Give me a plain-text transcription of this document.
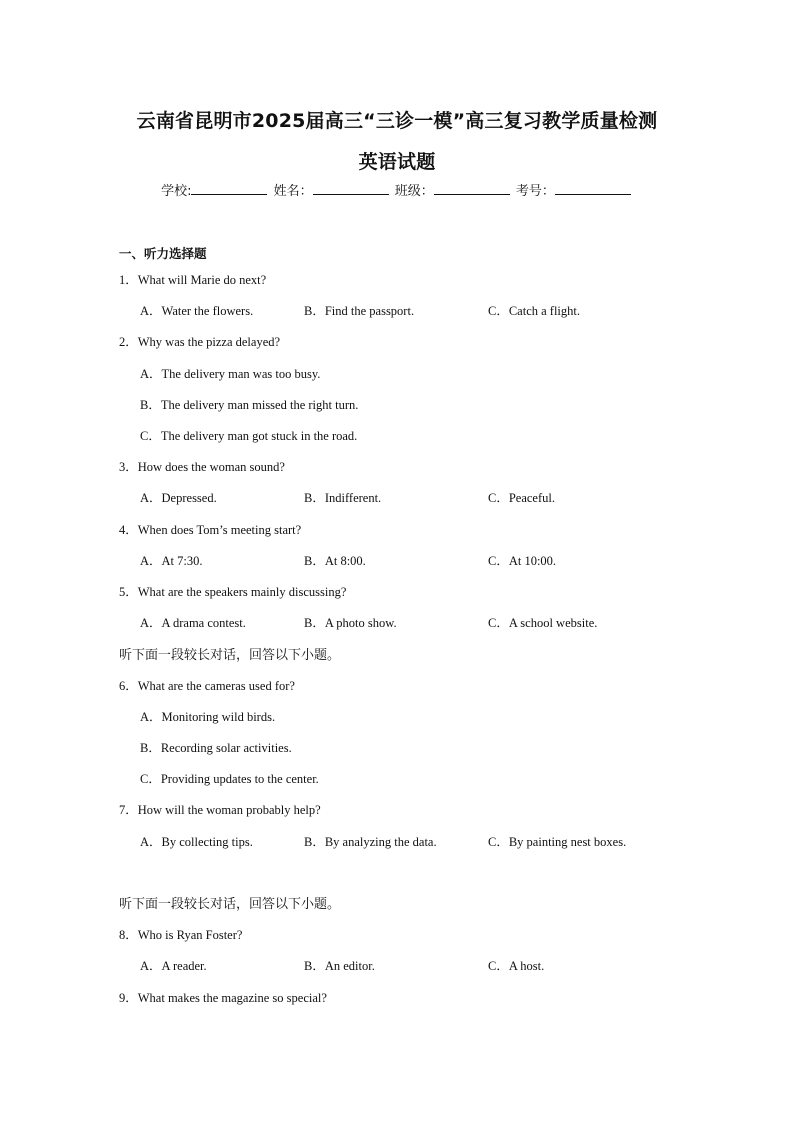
云南省昆明市2025届高三“三诊一模”高三复习教学质量检测
英语试题
学校:	姓名：	班级：	考号：
一、听力选择题
1．What will Marie do next?
A．Water the flowers.	B．Find the passport.	C．Catch a flight.
2．Why was the pizza delayed?
A．The delivery man was too busy.
B．The delivery man missed the right turn.
C．The delivery man got stuck in the road.
3．How does the woman sound?
A．Depressed.	B．Indifferent.	C．Peaceful.
4．When does Tom’s meeting start?
A．At 7:30.	B．At 8:00.	C．At 10:00.
5．What are the speakers mainly discussing?
A．A drama contest.	B．A photo show.	C．A school website.
听下面一段较长对话，回答以下小题。
6．What are the cameras used for?
A．Monitoring wild birds.
B．Recording solar activities.
C．Providing updates to the center.
7．How will the woman probably help?
A．By collecting tips.	B．By analyzing the data.	C．By painting nest boxes.
听下面一段较长对话，回答以下小题。
8．Who is Ryan Foster?
A．A reader.	B．An editor.	C．A host.
9．What makes the magazine so special?
